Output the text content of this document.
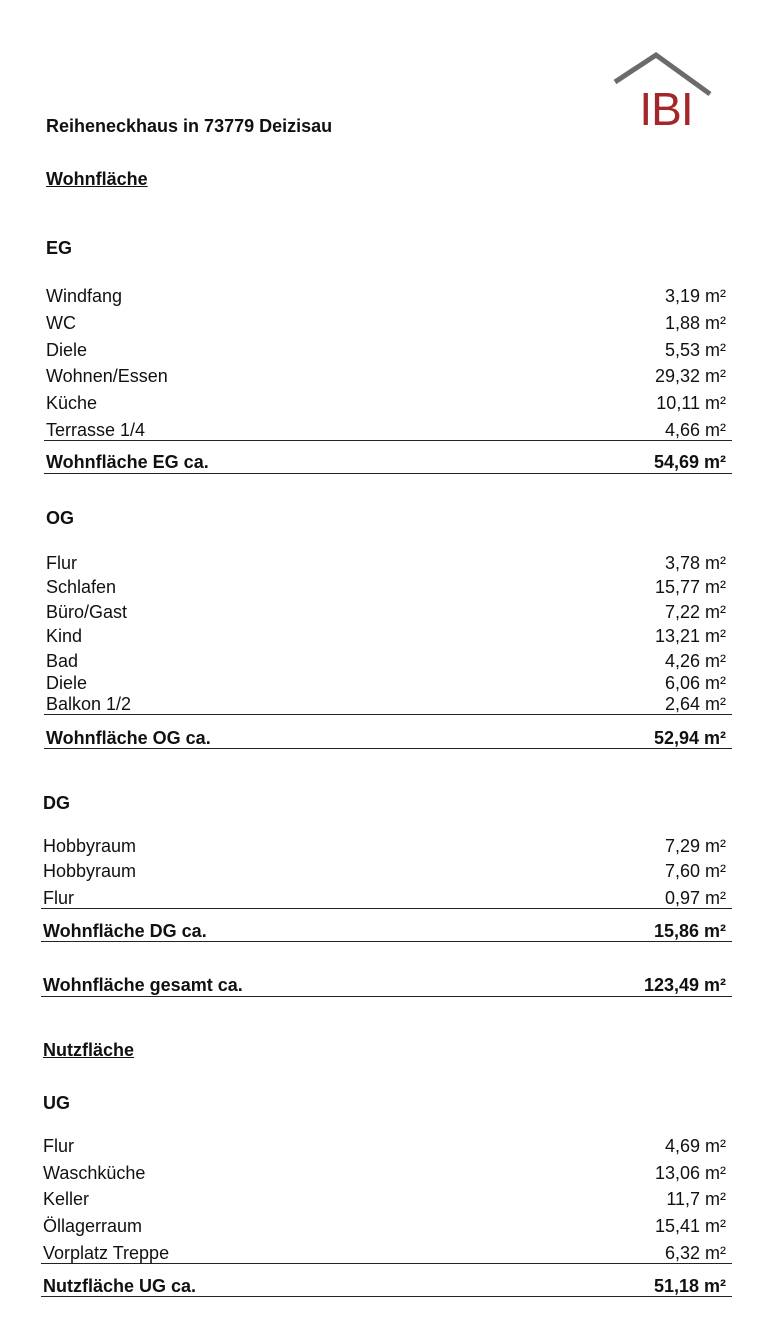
IBI
Reiheneckhaus in 73779 Deizisau
Wohnfläche
EG
Windfang	3,19 m²
WC	1,88 m²
Diele	5,53 m²
Wohnen/Essen	29,32 m²
Küche	10,11 m²
Terrasse 1/4	4,66 m²
Wohnfläche EG ca.	54,69 m²
OG
Flur	3,78 m²
Schlafen	15,77 m²
Büro/Gast	7,22 m²
Kind	13,21 m²
Bad	4,26 m²
Diele	6,06 m²
Balkon 1/2	2,64 m²
Wohnfläche OG ca.	52,94 m²
DG
Hobbyraum	7,29 m²
Hobbyraum	7,60 m²
Flur	0,97 m²
Wohnfläche DG ca.	15,86 m²
Wohnfläche gesamt ca.	123,49 m²
Nutzfläche
UG
Flur	4,69 m²
Waschküche	13,06 m²
Keller	11,7 m²
Öllagerraum	15,41 m²
Vorplatz Treppe	6,32 m²
Nutzfläche UG ca.	51,18 m²
